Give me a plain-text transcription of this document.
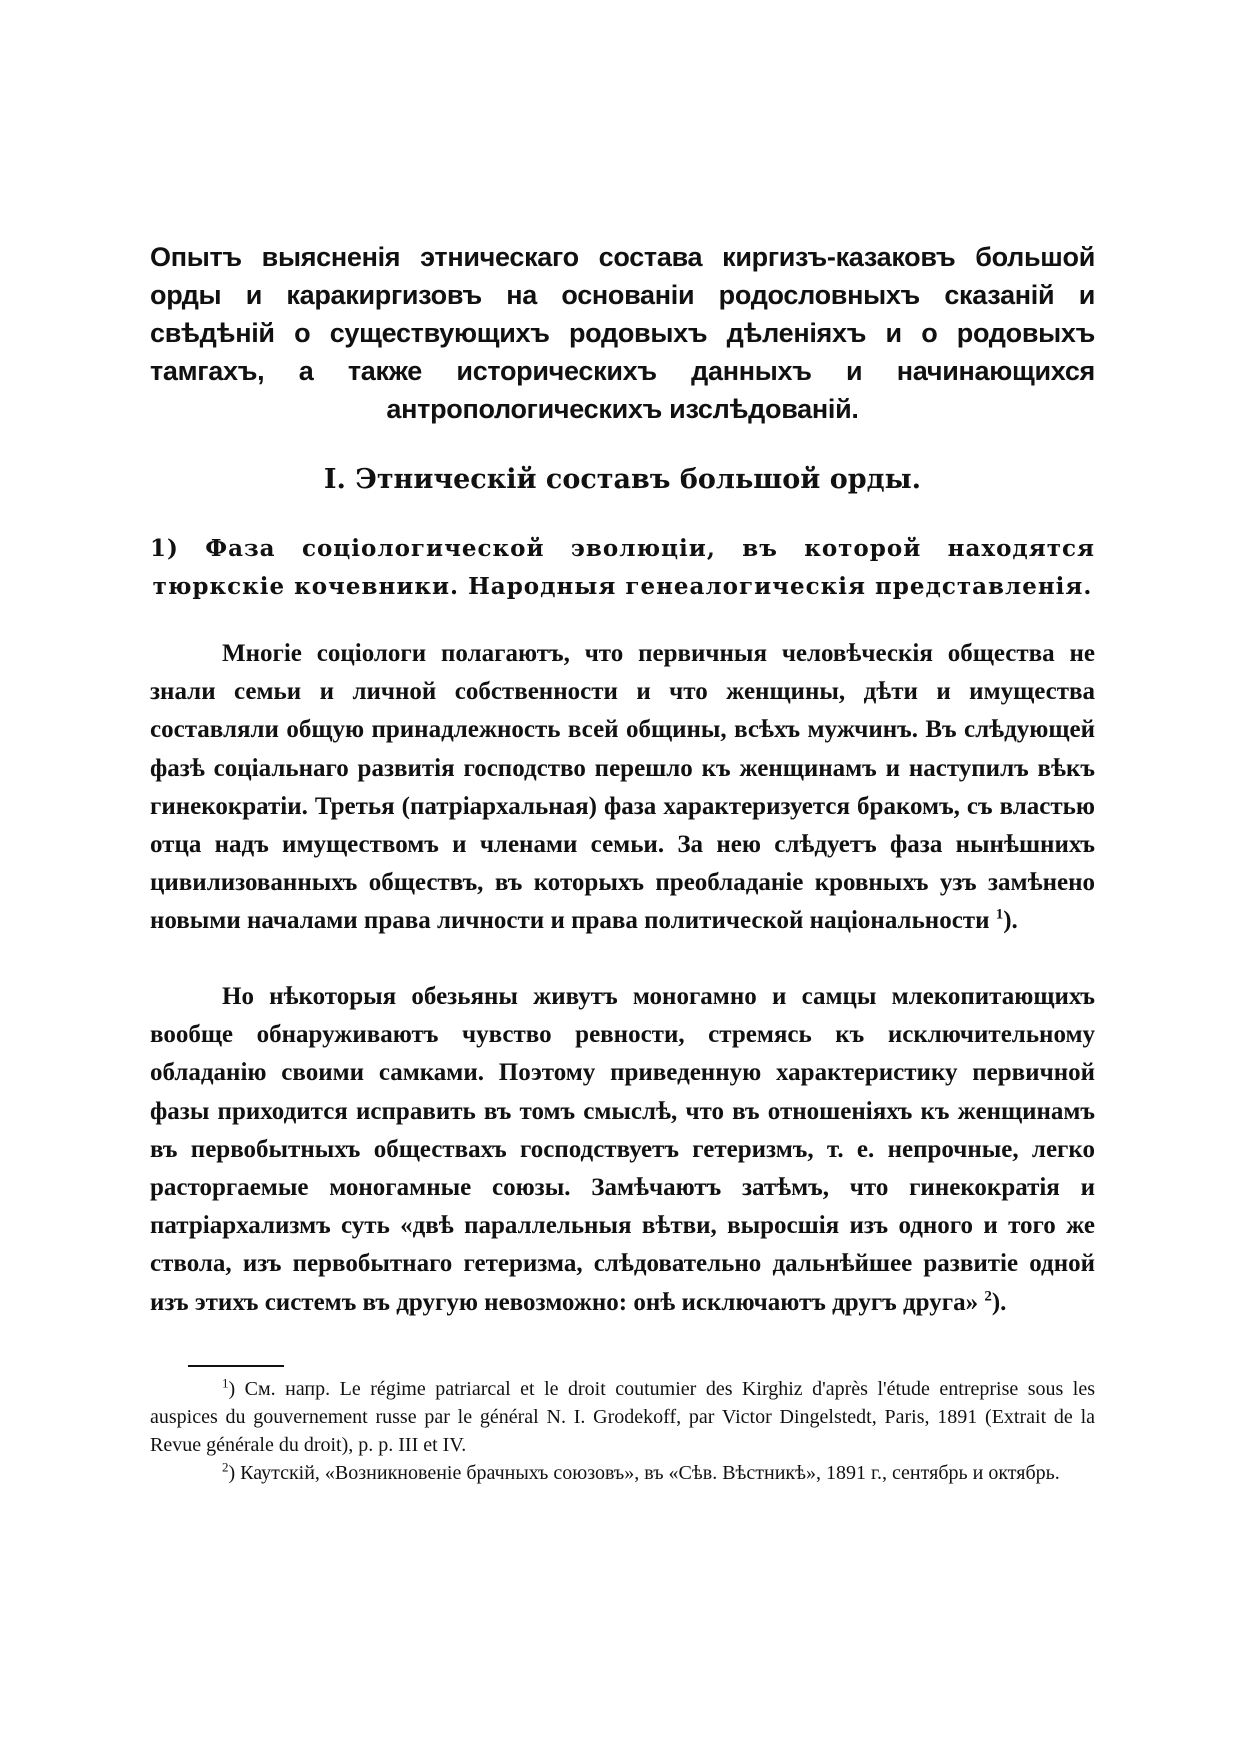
Опытъ выясненія этническаго состава киргизъ-казаковъ большой орды и каракиргизовъ на основаніи родословныхъ сказаній и свѣдѣній о существующихъ родовыхъ дѣленіяхъ и о родовыхъ тамгахъ, а также историческихъ данныхъ и начинающихся антропологическихъ изслѣдованій.
I. Этническій составъ большой орды.
1) Фаза соціологической эволюціи, въ которой находятся тюркскіе кочевники. Народныя генеалогическія представленія.

Многіе соціологи полагаютъ, что первичныя человѣческія общества не знали семьи и личной собственности и что женщины, дѣти и имущества составляли общую принадлежность всей общины, всѣхъ мужчинъ. Въ слѣдующей фазѣ соціальнаго развитія господство перешло къ женщинамъ и наступилъ вѣкъ гинекократіи. Третья (патріархальная) фаза характеризуется бракомъ, съ властью отца надъ имуществомъ и членами семьи. За нею слѣдуетъ фаза нынѣшнихъ цивилизованныхъ обществъ, въ которыхъ преобладаніе кровныхъ узъ замѣнено новыми началами права личности и права политической національности $^1$).

Но нѣкоторыя обезьяны живутъ моногамно и самцы млекопитающихъ вообще обнаруживаютъ чувство ревности, стремясь къ исключительному обладанію своими самками. Поэтому приведенную характеристику первичной фазы приходится исправить въ томъ смыслѣ, что въ отношеніяхъ къ женщинамъ въ первобытныхъ обществахъ господствуетъ гетеризмъ, т. е. непрочные, легко расторгаемые моногамные союзы. Замѣчаютъ затѣмъ, что гинекократія и патріархализмъ суть «двѣ параллельныя вѣтви, выросшія изъ одного и того же ствола, изъ первобытнаго гетеризма, слѣдовательно дальнѣйшее развитіе одной изъ этихъ системъ въ другую невозможно: онѣ исключаютъ другъ друга» $^2$).

$^1$) См. напр. Le régime patriarcal et le droit coutumier des Kirghiz d'après l'étude entreprise sous les auspices du gouvernement russe par le général N. I. Grodekoff, par Victor Dingelstedt, Paris, 1891 (Extrait de la Revue générale du droit), p. p. III et IV.

$^2$) Каутскій, «Возникновеніе брачныхъ союзовъ», въ «Сѣв. Вѣстникѣ», 1891 г., сентябрь и октябрь.
